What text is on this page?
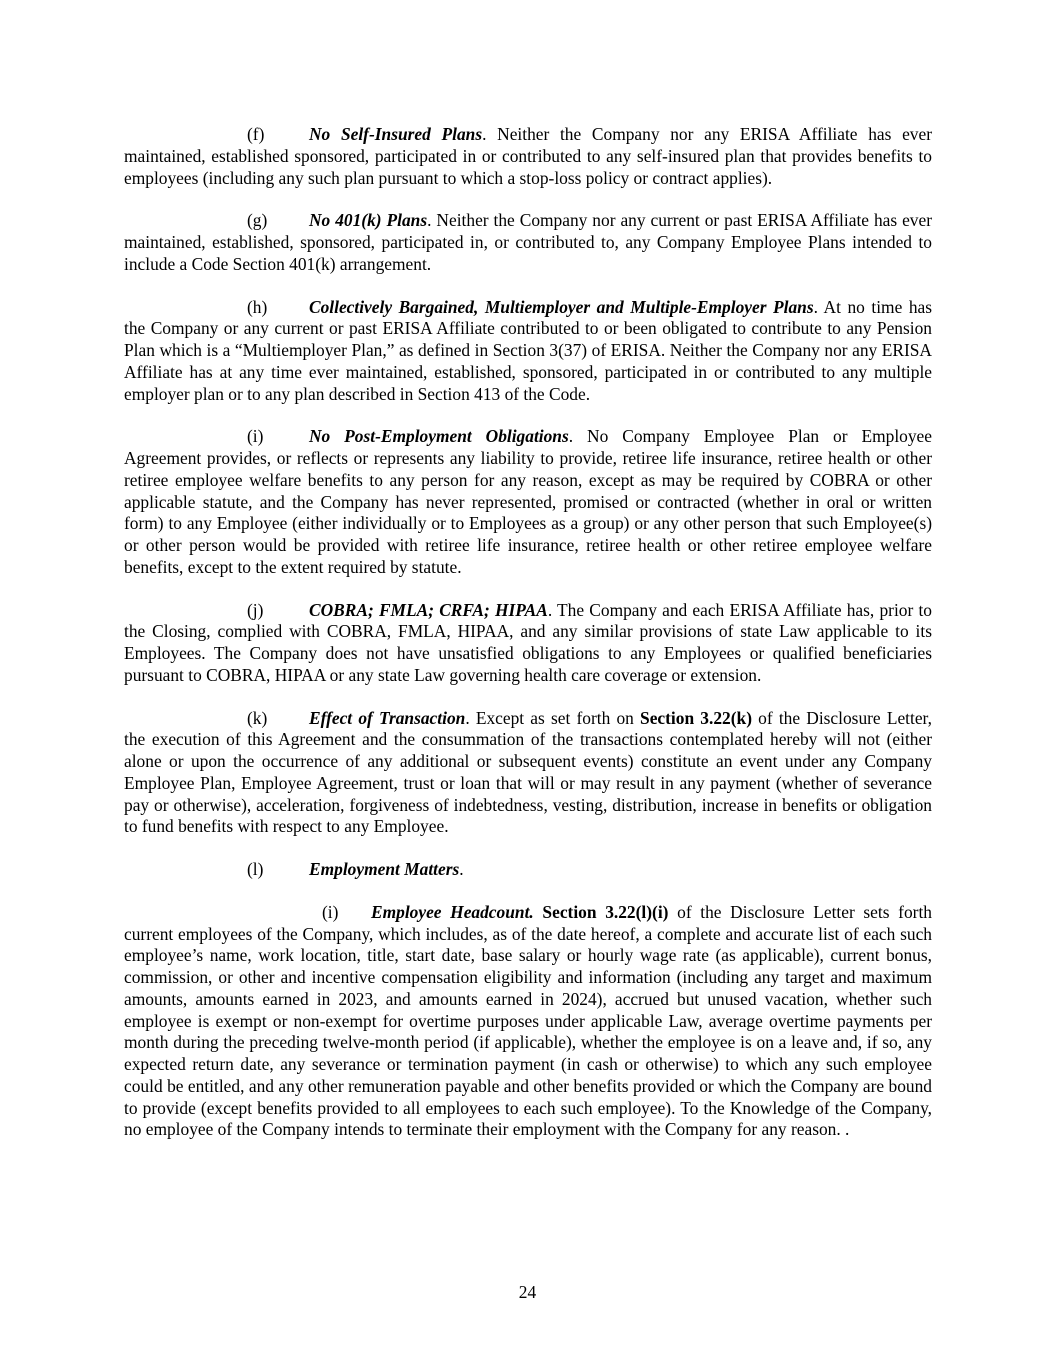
(f)	No Self-Insured Plans. Neither the Company nor any ERISA Affiliate has ever maintained, established sponsored, participated in or contributed to any self-insured plan that provides benefits to employees (including any such plan pursuant to which a stop-loss policy or contract applies).

(g) No 401(k) Plans. Neither the Company nor any current or past ERISA Affiliate has ever maintained, established, sponsored, participated in, or contributed to, any Company Employee Plans intended to include a Code Section 401(k) arrangement.

(h) Collectively Bargained, Multiemployer and Multiple-Employer Plans. At no time has the Company or any current or past ERISA Affiliate contributed to or been obligated to contribute to any Pension Plan which is a “Multiemployer Plan,” as defined in Section 3(37) of ERISA. Neither the Company nor any ERISA Affiliate has at any time ever maintained, established, sponsored, participated in or contributed to any multiple employer plan or to any plan described in Section 413 of the Code.

(i)	No Post-Employment Obligations. No Company Employee Plan or Employee Agreement provides, or reflects or represents any liability to provide, retiree life insurance, retiree health or other retiree employee welfare benefits to any person for any reason, except as may be required by COBRA or other applicable statute, and the Company has never represented, promised or contracted (whether in oral or written form) to any Employee (either individually or to Employees as a group) or any other person that such Employee(s) or other person would be provided with retiree life insurance, retiree health or other retiree employee welfare benefits, except to the extent required by statute.

(j)	COBRA; FMLA; CRFA; HIPAA. The Company and each ERISA Affiliate has, prior to the Closing, complied with COBRA, FMLA, HIPAA, and any similar provisions of state Law applicable to its Employees. The Company does not have unsatisfied obligations to any Employees or qualified beneficiaries pursuant to COBRA, HIPAA or any state Law governing health care coverage or extension.

(k) Effect of Transaction. Except as set forth on Section 3.22(k) of the Disclosure Letter, the execution of this Agreement and the consummation of the transactions contemplated hereby will not (either alone or upon the occurrence of any additional or subsequent events) constitute an event under any Company Employee Plan, Employee Agreement, trust or loan that will or may result in any payment (whether of severance pay or otherwise), acceleration, forgiveness of indebtedness, vesting, distribution, increase in benefits or obligation to fund benefits with respect to any Employee.

(l)	Employment Matters.

(i) Employee Headcount. Section 3.22(l)(i) of the Disclosure Letter sets forth current employees of the Company, which includes, as of the date hereof, a complete and accurate list of each such employee’s name, work location, title, start date, base salary or hourly wage rate (as applicable), current bonus, commission, or other and incentive compensation eligibility and information (including any target and maximum amounts, amounts earned in 2023, and amounts earned in 2024), accrued but unused vacation, whether such employee is exempt or non-exempt for overtime purposes under applicable Law, average overtime payments per month during the preceding twelve-month period (if applicable), whether the employee is on a leave and, if so, any expected return date, any severance or termination payment (in cash or otherwise) to which any such employee could be entitled, and any other remuneration payable and other benefits provided or which the Company are bound to provide (except benefits provided to all employees to each such employee). To the Knowledge of the Company, no employee of the Company intends to terminate their employment with the Company for any reason. .

24
